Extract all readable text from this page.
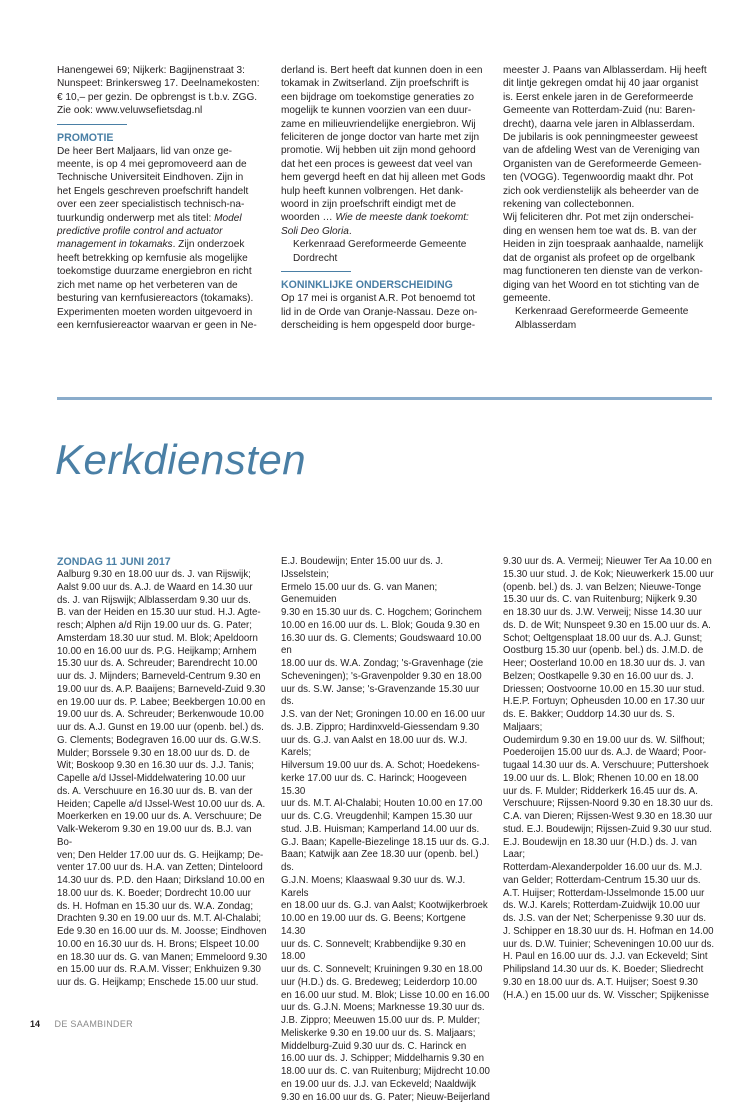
Hanengewei 69; Nijkerk: Bagijnenstraat 3:
Nunspeet: Brinkersweg 17. Deelnamekosten:
€ 10,– per gezin. De opbrengst is t.b.v. ZGG.
Zie ook: www.veluwsefietsdag.nl

PROMOTIE

De heer Bert Maljaars, lid van onze ge-
meente, is op 4 mei gepromoveerd aan de
Technische Universiteit Eindhoven. Zijn in
het Engels geschreven proefschrift handelt
over een zeer specialistisch technisch-na-
tuurkundig onderwerp met als titel: Model
predictive profile control and actuator
management in tokamaks. Zijn onderzoek
heeft betrekking op kernfusie als mogelijke
toekomstige duurzame energiebron en richt
zich met name op het verbeteren van de
besturing van kernfusiereactors (tokamaks).
Experimenten moeten worden uitgevoerd in
een kernfusiereactor waarvan er geen in Ne-

derland is. Bert heeft dat kunnen doen in een
tokamak in Zwitserland. Zijn proefschrift is
een bijdrage om toekomstige generaties zo
mogelijk te kunnen voorzien van een duur-
zame en milieuvriendelijke energiebron. Wij
feliciteren de jonge doctor van harte met zijn
promotie. Wij hebben uit zijn mond gehoord
dat het een proces is geweest dat veel van
hem gevergd heeft en dat hij alleen met Gods
hulp heeft kunnen volbrengen. Het dank-
woord in zijn proefschrift eindigt met de
woorden … Wie de meeste dank toekomt:
Soli Deo Gloria.

Kerkenraad Gereformeerde Gemeente
Dordrecht

KONINKLIJKE ONDERSCHEIDING

Op 17 mei is organist A.R. Pot benoemd tot
lid in de Orde van Oranje-Nassau. Deze on-
derscheiding is hem opgespeld door burge-

meester J. Paans van Alblasserdam. Hij heeft
dit lintje gekregen omdat hij 40 jaar organist
is. Eerst enkele jaren in de Gereformeerde
Gemeente van Rotterdam-Zuid (nu: Baren-
drecht), daarna vele jaren in Alblasserdam.
De jubilaris is ook penningmeester geweest
van de afdeling West van de Vereniging van
Organisten van de Gereformeerde Gemeen-
ten (VOGG). Tegenwoordig maakt dhr. Pot
zich ook verdienstelijk als beheerder van de
rekening van collectebonnen.
Wij feliciteren dhr. Pot met zijn onderschei-
ding en wensen hem toe wat ds. B. van der
Heiden in zijn toespraak aanhaalde, namelijk
dat de organist als profeet op de orgelbank
mag functioneren ten dienste van de verkon-
diging van het Woord en tot stichting van de
gemeente.

Kerkenraad Gereformeerde Gemeente
Alblasserdam

Kerkdiensten

ZONDAG 11 JUNI 2017

Aalburg 9.30 en 18.00 uur ds. J. van Rijswijk;
Aalst 9.00 uur ds. A.J. de Waard en 14.30 uur
ds. J. van Rijswijk; Alblasserdam 9.30 uur ds.
B. van der Heiden en 15.30 uur stud. H.J. Agte-
resch; Alphen a/d Rijn 19.00 uur ds. G. Pater;
Amsterdam 18.30 uur stud. M. Blok; Apeldoorn
10.00 en 16.00 uur ds. P.G. Heijkamp; Arnhem
15.30 uur ds. A. Schreuder; Barendrecht 10.00
uur ds. J. Mijnders; Barneveld-Centrum 9.30 en
19.00 uur ds. A.P. Baaijens; Barneveld-Zuid 9.30
en 19.00 uur ds. P. Labee; Beekbergen 10.00 en
19.00 uur ds. A. Schreuder; Berkenwoude 10.00
uur ds. A.J. Gunst en 19.00 uur (openb. bel.) ds.
G. Clements; Bodegraven 16.00 uur ds. G.W.S.
Mulder; Borssele 9.30 en 18.00 uur ds. D. de
Wit; Boskoop 9.30 en 16.30 uur ds. J.J. Tanis;
Capelle a/d IJssel-Middelwatering 10.00 uur
ds. A. Verschuure en 16.30 uur ds. B. van der
Heiden; Capelle a/d IJssel-West 10.00 uur ds. A.
Moerkerken en 19.00 uur ds. A. Verschuure; De
Valk-Wekerom 9.30 en 19.00 uur ds. B.J. van Bo-
ven; Den Helder 17.00 uur ds. G. Heijkamp; De-
venter 17.00 uur ds. H.A. van Zetten; Dinteloord
14.30 uur ds. P.D. den Haan; Dirksland 10.00 en
18.00 uur ds. K. Boeder; Dordrecht 10.00 uur
ds. H. Hofman en 15.30 uur ds. W.A. Zondag;
Drachten 9.30 en 19.00 uur ds. M.T. Al-Chalabi;
Ede 9.30 en 16.00 uur ds. M. Joosse; Eindhoven
10.00 en 16.30 uur ds. H. Brons; Elspeet 10.00
en 18.30 uur ds. G. van Manen; Emmeloord 9.30
en 15.00 uur ds. R.A.M. Visser; Enkhuizen 9.30
uur ds. G. Heijkamp; Enschede 15.00 uur stud.

E.J. Boudewijn; Enter 15.00 uur ds. J. IJsselstein;
Ermelo 15.00 uur ds. G. van Manen; Genemuiden
9.30 en 15.30 uur ds. C. Hogchem; Gorinchem
10.00 en 16.00 uur ds. L. Blok; Gouda 9.30 en
16.30 uur ds. G. Clements; Goudswaard 10.00 en
18.00 uur ds. W.A. Zondag; 's-Gravenhage (zie
Scheveningen); 's-Gravenpolder 9.30 en 18.00
uur ds. S.W. Janse; 's-Gravenzande 15.30 uur ds.
J.S. van der Net; Groningen 10.00 en 16.00 uur
ds. J.B. Zippro; Hardinxveld-Giessendam 9.30
uur ds. G.J. van Aalst en 18.00 uur ds. W.J. Karels;
Hilversum 19.00 uur ds. A. Schot; Hoedekens-
kerke 17.00 uur ds. C. Harinck; Hoogeveen 15.30
uur ds. M.T. Al-Chalabi; Houten 10.00 en 17.00
uur ds. C.G. Vreugdenhil; Kampen 15.30 uur
stud. J.B. Huisman; Kamperland 14.00 uur ds.
G.J. Baan; Kapelle-Biezelinge 18.15 uur ds. G.J.
Baan; Katwijk aan Zee 18.30 uur (openb. bel.) ds.
G.J.N. Moens; Klaaswaal 9.30 uur ds. W.J. Karels
en 18.00 uur ds. G.J. van Aalst; Kootwijkerbroek
10.00 en 19.00 uur ds. G. Beens; Kortgene 14.30
uur ds. C. Sonnevelt; Krabbendijke 9.30 en 18.00
uur ds. C. Sonnevelt; Kruiningen 9.30 en 18.00
uur (H.D.) ds. G. Bredeweg; Leiderdorp 10.00
en 16.00 uur stud. M. Blok; Lisse 10.00 en 16.00
uur ds. G.J.N. Moens; Marknesse 19.30 uur ds.
J.B. Zippro; Meeuwen 15.00 uur ds. P. Mulder;
Meliskerke 9.30 en 19.00 uur ds. S. Maljaars;
Middelburg-Zuid 9.30 uur ds. C. Harinck en
16.00 uur ds. J. Schipper; Middelharnis 9.30 en
18.00 uur ds. C. van Ruitenburg; Mijdrecht 10.00
en 19.00 uur ds. J.J. van Eckeveld; Naaldwijk
9.30 en 16.00 uur ds. G. Pater; Nieuw-Beijerland

9.30 uur ds. A. Vermeij; Nieuwer Ter Aa 10.00 en
15.30 uur stud. J. de Kok; Nieuwerkerk 15.00 uur
(openb. bel.) ds. J. van Belzen; Nieuwe-Tonge
15.30 uur ds. C. van Ruitenburg; Nijkerk 9.30
en 18.30 uur ds. J.W. Verweij; Nisse 14.30 uur
ds. D. de Wit; Nunspeet 9.30 en 15.00 uur ds. A.
Schot; Oeltgensplaat 18.00 uur ds. A.J. Gunst;
Oostburg 15.30 uur (openb. bel.) ds. J.M.D. de
Heer; Oosterland 10.00 en 18.30 uur ds. J. van
Belzen; Oostkapelle 9.30 en 16.00 uur ds. J.
Driessen; Oostvoorne 10.00 en 15.30 uur stud.
H.E.P. Fortuyn; Opheusden 10.00 en 17.30 uur
ds. E. Bakker; Ouddorp 14.30 uur ds. S. Maljaars;
Oudemirdum 9.30 en 19.00 uur ds. W. Silfhout;
Poederoijen 15.00 uur ds. A.J. de Waard; Poor-
tugaal 14.30 uur ds. A. Verschuure; Puttershoek
19.00 uur ds. L. Blok; Rhenen 10.00 en 18.00
uur ds. F. Mulder; Ridderkerk 16.45 uur ds. A.
Verschuure; Rijssen-Noord 9.30 en 18.30 uur ds.
C.A. van Dieren; Rijssen-West 9.30 en 18.30 uur
stud. E.J. Boudewijn; Rijssen-Zuid 9.30 uur stud.
E.J. Boudewijn en 18.30 uur (H.D.) ds. J. van Laar;
Rotterdam-Alexanderpolder 16.00 uur ds. M.J.
van Gelder; Rotterdam-Centrum 15.30 uur ds.
A.T. Huijser; Rotterdam-IJsselmonde 15.00 uur
ds. W.J. Karels; Rotterdam-Zuidwijk 10.00 uur
ds. J.S. van der Net; Scherpenisse 9.30 uur ds.
J. Schipper en 18.30 uur ds. H. Hofman en 14.00
uur ds. D.W. Tuinier; Scheveningen 10.00 uur ds.
H. Paul en 16.00 uur ds. J.J. van Eckeveld; Sint
Philipsland 14.30 uur ds. K. Boeder; Sliedrecht
9.30 en 18.00 uur ds. A.T. Huijser; Soest 9.30
(H.A.) en 15.00 uur ds. W. Visscher; Spijkenisse

14 DE SAAMBINDER
